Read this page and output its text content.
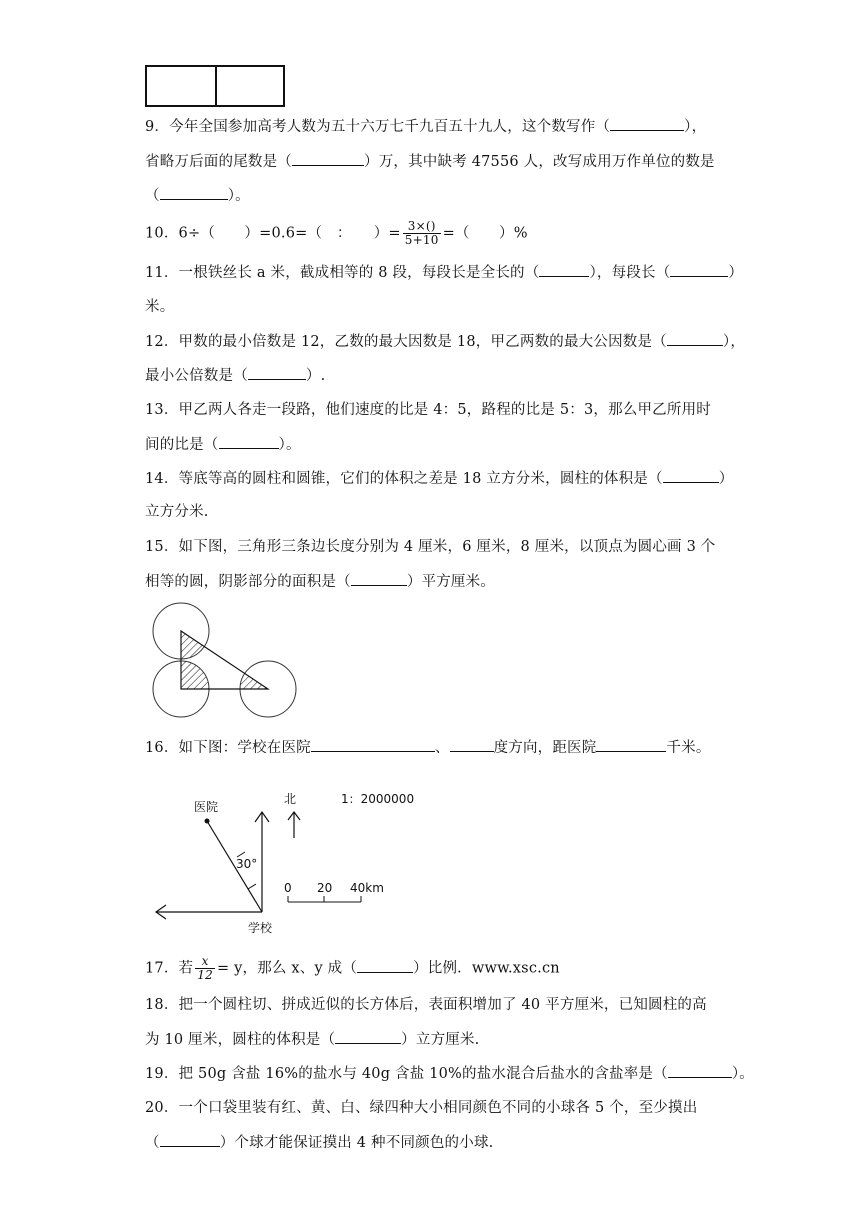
9．今年全国参加高考人数为五十六万七千九百五十九人，这个数写作（	），
省略万后面的尾数是（	）万，其中缺考 47556 人，改写成用万作单位的数是
（	）。
10．6÷（　　）=0.6=（　：　　）= $\frac{3\times()}{5+10}$ =（　　）%
11．一根铁丝长 a 米，截成相等的 8 段，每段长是全长的（	），每段长（	）
米。
12．甲数的最小倍数是 12，乙数的最大因数是 18，甲乙两数的最大公因数是（	），
最小公倍数是（	）.
13．甲乙两人各走一段路，他们速度的比是 4：5，路程的比是 5：3，那么甲乙所用时
间的比是（	）。
14．等底等高的圆柱和圆锥，它们的体积之差是 18 立方分米，圆柱的体积是（	）
立方分米.
15．如下图，三角形三条边长度分别为 4 厘米，6 厘米，8 厘米，以顶点为圆心画 3 个
相等的圆，阴影部分的面积是（	）平方厘米。
16．如下图：学校在医院	、	度方向，距医院	千米。
医院
30°
学校
北	1：2000000
0 20 40km
17．若 $\frac{x}{12} = y$，那么 x、y 成（	）比例．www.xsc.cn
18．把一个圆柱切、拼成近似的长方体后，表面积增加了 40 平方厘米，已知圆柱的高
为 10 厘米，圆柱的体积是（	）立方厘米.
19．把 50g 含盐 16%的盐水与 40g 含盐 10%的盐水混合后盐水的含盐率是（	）。
20．一个口袋里装有红、黄、白、绿四种大小相同颜色不同的小球各 5 个，至少摸出
（	）个球才能保证摸出 4 种不同颜色的小球.
